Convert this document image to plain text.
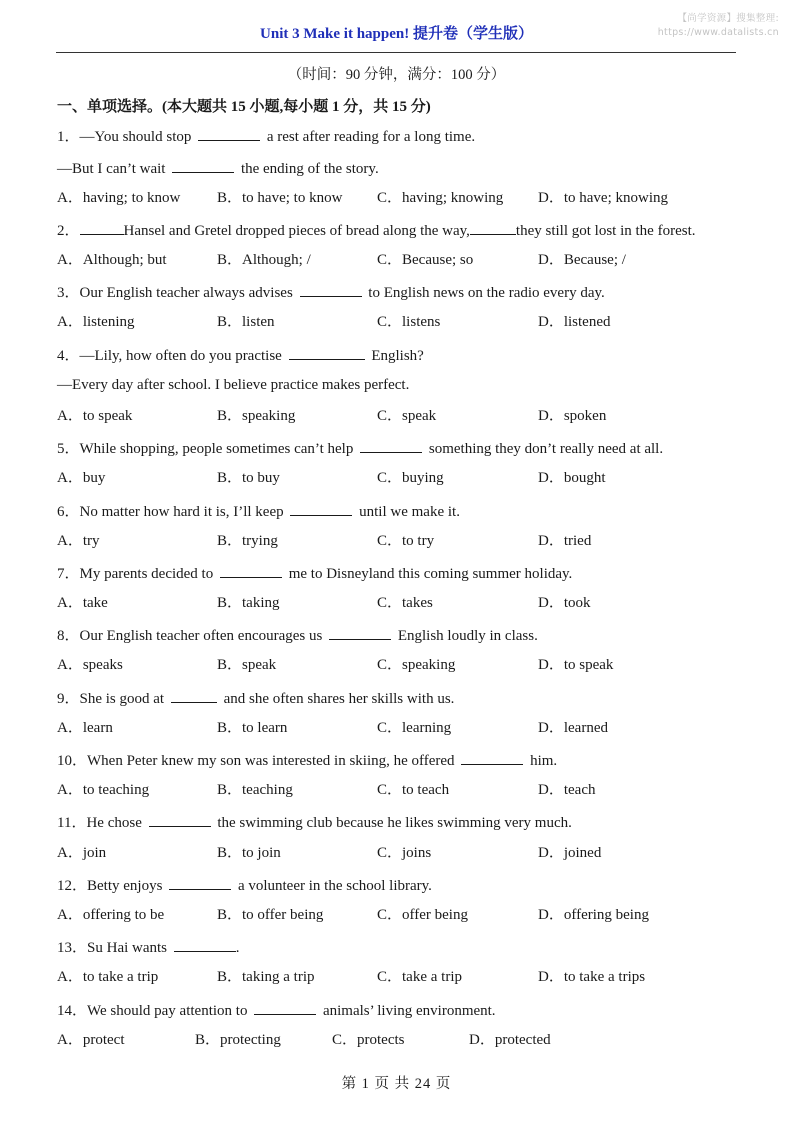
【尚学资源】搜集整理:
https://www.datalists.cn
Unit 3 Make it happen! 提升卷（学生版）
（时间：90 分钟，满分：100 分）
一、单项选择。(本大题共 15 小题,每小题 1 分，共 15 分)
1．—You should stop	a rest after reading for a long time.
—But I can’t wait	the ending of the story.
A．having; to know B．to have; to know C．having; knowing D．to have; knowing
2．	Hansel and Gretel dropped pieces of bread along the way,	they still got lost in the forest.
A．Although; but	B．Although; /	C．Because; so	D．Because; /
3．Our English teacher always advises	to English news on the radio every day.
A．listening	B．listen	C．listens	D．listened
4．—Lily, how often do you practise	English?
—Every day after school. I believe practice makes perfect.
A．to speak	B．speaking	C．speak	D．spoken
5．While shopping, people sometimes can’t help	something they don’t really need at all.
A．buy	B．to buy	C．buying	D．bought
6．No matter how hard it is, I’ll keep	until we make it.
A．try	B．trying	C．to try	D．tried
7．My parents decided to	me to Disneyland this coming summer holiday.
A．take	B．taking	C．takes	D．took
8．Our English teacher often encourages us	English loudly in class.
A．speaks	B．speak	C．speaking	D．to speak
9．She is good at	and she often shares her skills with us.
A．learn	B．to learn	C．learning	D．learned
10．When Peter knew my son was interested in skiing, he offered	him.
A．to teaching	B．teaching	C．to teach	D．teach
11．He chose	the swimming club because he likes swimming very much.
A．join	B．to join	C．joins	D．joined
12．Betty enjoys	a volunteer in the school library.
A．offering to be	B．to offer being	C．offer being	D．offering being
13．Su Hai wants	.
A．to take a trip	B．taking a trip	C．take a trip	D．to take a trips
14．We should pay attention to	animals’ living environment.
A．protect	B．protecting	C．protects	D．protected
第 1 页 共 24 页
